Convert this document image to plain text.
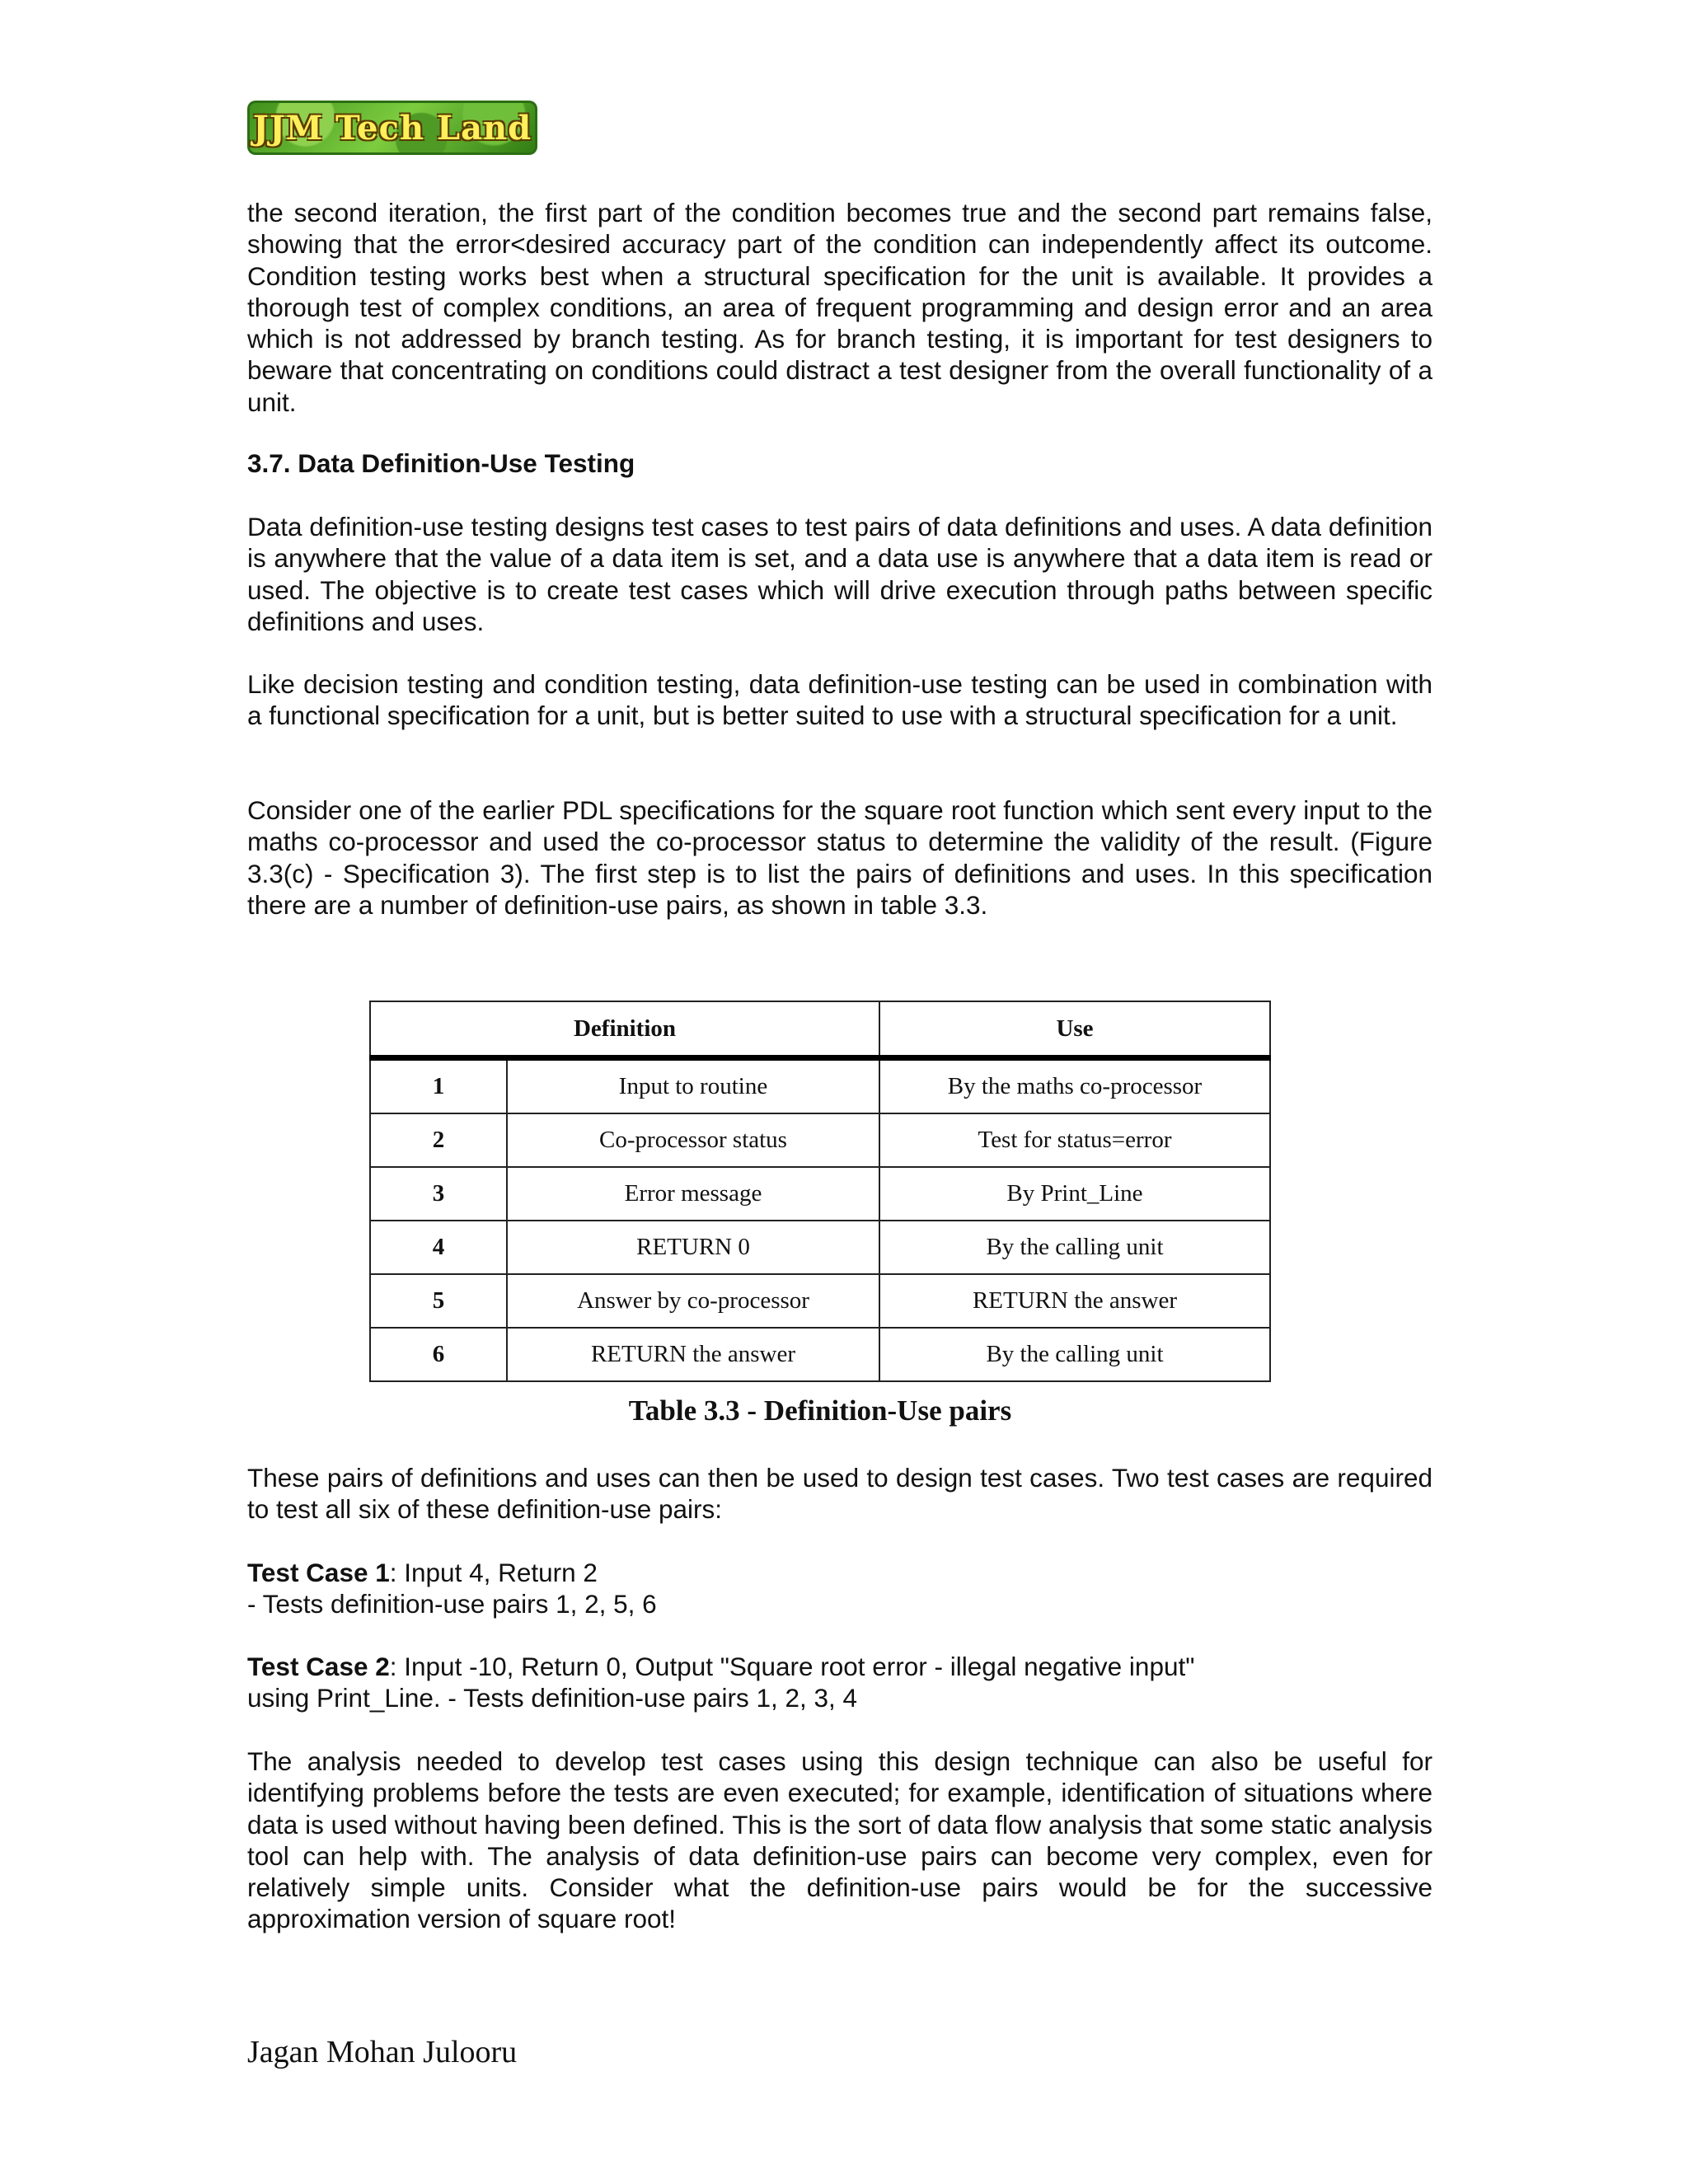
JJM Tech Land

the second iteration, the first part of the condition becomes true and the second part remains false, showing that the error<desired accuracy part of the condition can independently affect its outcome. Condition testing works best when a structural specification for the unit is available. It provides a thorough test of complex conditions, an area of frequent programming and design error and an area which is not addressed by branch testing. As for branch testing, it is important for test designers to beware that concentrating on conditions could distract a test designer from the overall functionality of a unit.

3.7. Data Definition-Use Testing

Data definition-use testing designs test cases to test pairs of data definitions and uses. A data definition is anywhere that the value of a data item is set, and a data use is anywhere that a data item is read or used. The objective is to create test cases which will drive execution through paths between specific definitions and uses.

Like decision testing and condition testing, data definition-use testing can be used in combination with a functional specification for a unit, but is better suited to use with a structural specification for a unit.

Consider one of the earlier PDL specifications for the square root function which sent every input to the maths co-processor and used the co-processor status to determine the validity of the result. (Figure 3.3(c) - Specification 3). The first step is to list the pairs of definitions and uses. In this specification there are a number of definition-use pairs, as shown in table 3.3.

Definition		Use
1	Input to routine	By the maths co-processor
2	Co-processor status	Test for status=error
3	Error message	By Print_Line
4	RETURN 0	By the calling unit
5	Answer by co-processor	RETURN the answer
6	RETURN the answer	By the calling unit
Table 3.3 - Definition-Use pairs

These pairs of definitions and uses can then be used to design test cases. Two test cases are required to test all six of these definition-use pairs:

Test Case 1: Input 4, Return 2

- Tests definition-use pairs 1, 2, 5, 6

Test Case 2: Input -10, Return 0, Output "Square root error - illegal negative input"

using Print_Line. - Tests definition-use pairs 1, 2, 3, 4

The analysis needed to develop test cases using this design technique can also be useful for identifying problems before the tests are even executed; for example, identification of situations where data is used without having been defined. This is the sort of data flow analysis that some static analysis tool can help with. The analysis of data definition-use pairs can become very complex, even for relatively simple units. Consider what the definition-use pairs would be for the successive approximation version of square root!

Jagan Mohan Julooru
